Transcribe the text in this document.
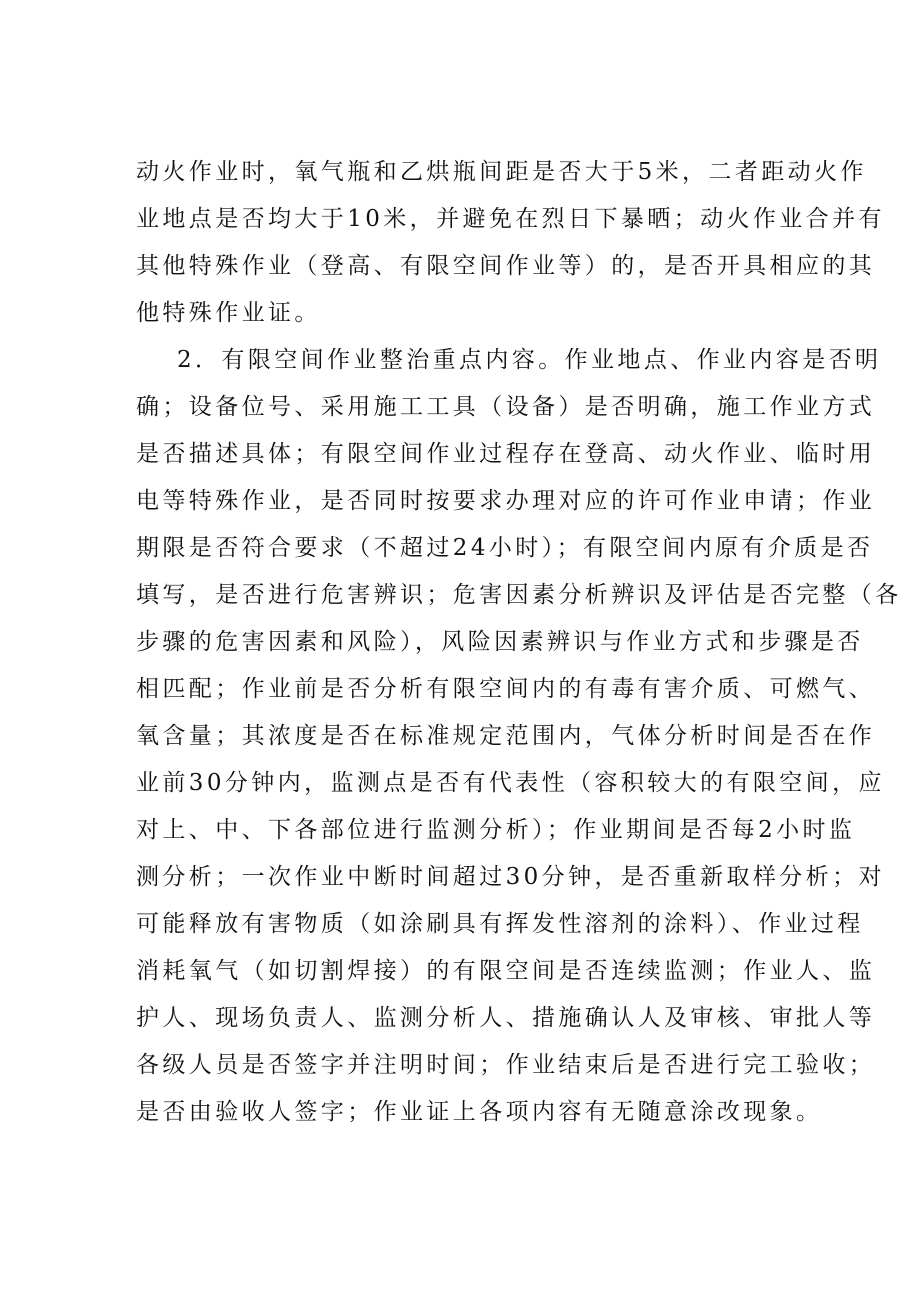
动火作业时，氧气瓶和乙烘瓶间距是否大于5米，二者距动火作
业地点是否均大于10米，并避免在烈日下暴晒；动火作业合并有
其他特殊作业（登高、有限空间作业等）的，是否开具相应的其
他特殊作业证。
2．有限空间作业整治重点内容。作业地点、作业内容是否明
确；设备位号、采用施工工具（设备）是否明确，施工作业方式
是否描述具体；有限空间作业过程存在登高、动火作业、临时用
电等特殊作业，是否同时按要求办理对应的许可作业申请；作业
期限是否符合要求（不超过24小时）；有限空间内原有介质是否
填写，是否进行危害辨识；危害因素分析辨识及评估是否完整（各
步骤的危害因素和风险），风险因素辨识与作业方式和步骤是否
相匹配；作业前是否分析有限空间内的有毒有害介质、可燃气、
氧含量；其浓度是否在标准规定范围内，气体分析时间是否在作
业前30分钟内，监测点是否有代表性（容积较大的有限空间，应
对上、中、下各部位进行监测分析）；作业期间是否每2小时监
测分析；一次作业中断时间超过30分钟，是否重新取样分析；对
可能释放有害物质（如涂刷具有挥发性溶剂的涂料）、作业过程
消耗氧气（如切割焊接）的有限空间是否连续监测；作业人、监
护人、现场负责人、监测分析人、措施确认人及审核、审批人等
各级人员是否签字并注明时间；作业结束后是否进行完工验收；
是否由验收人签字；作业证上各项内容有无随意涂改现象。
